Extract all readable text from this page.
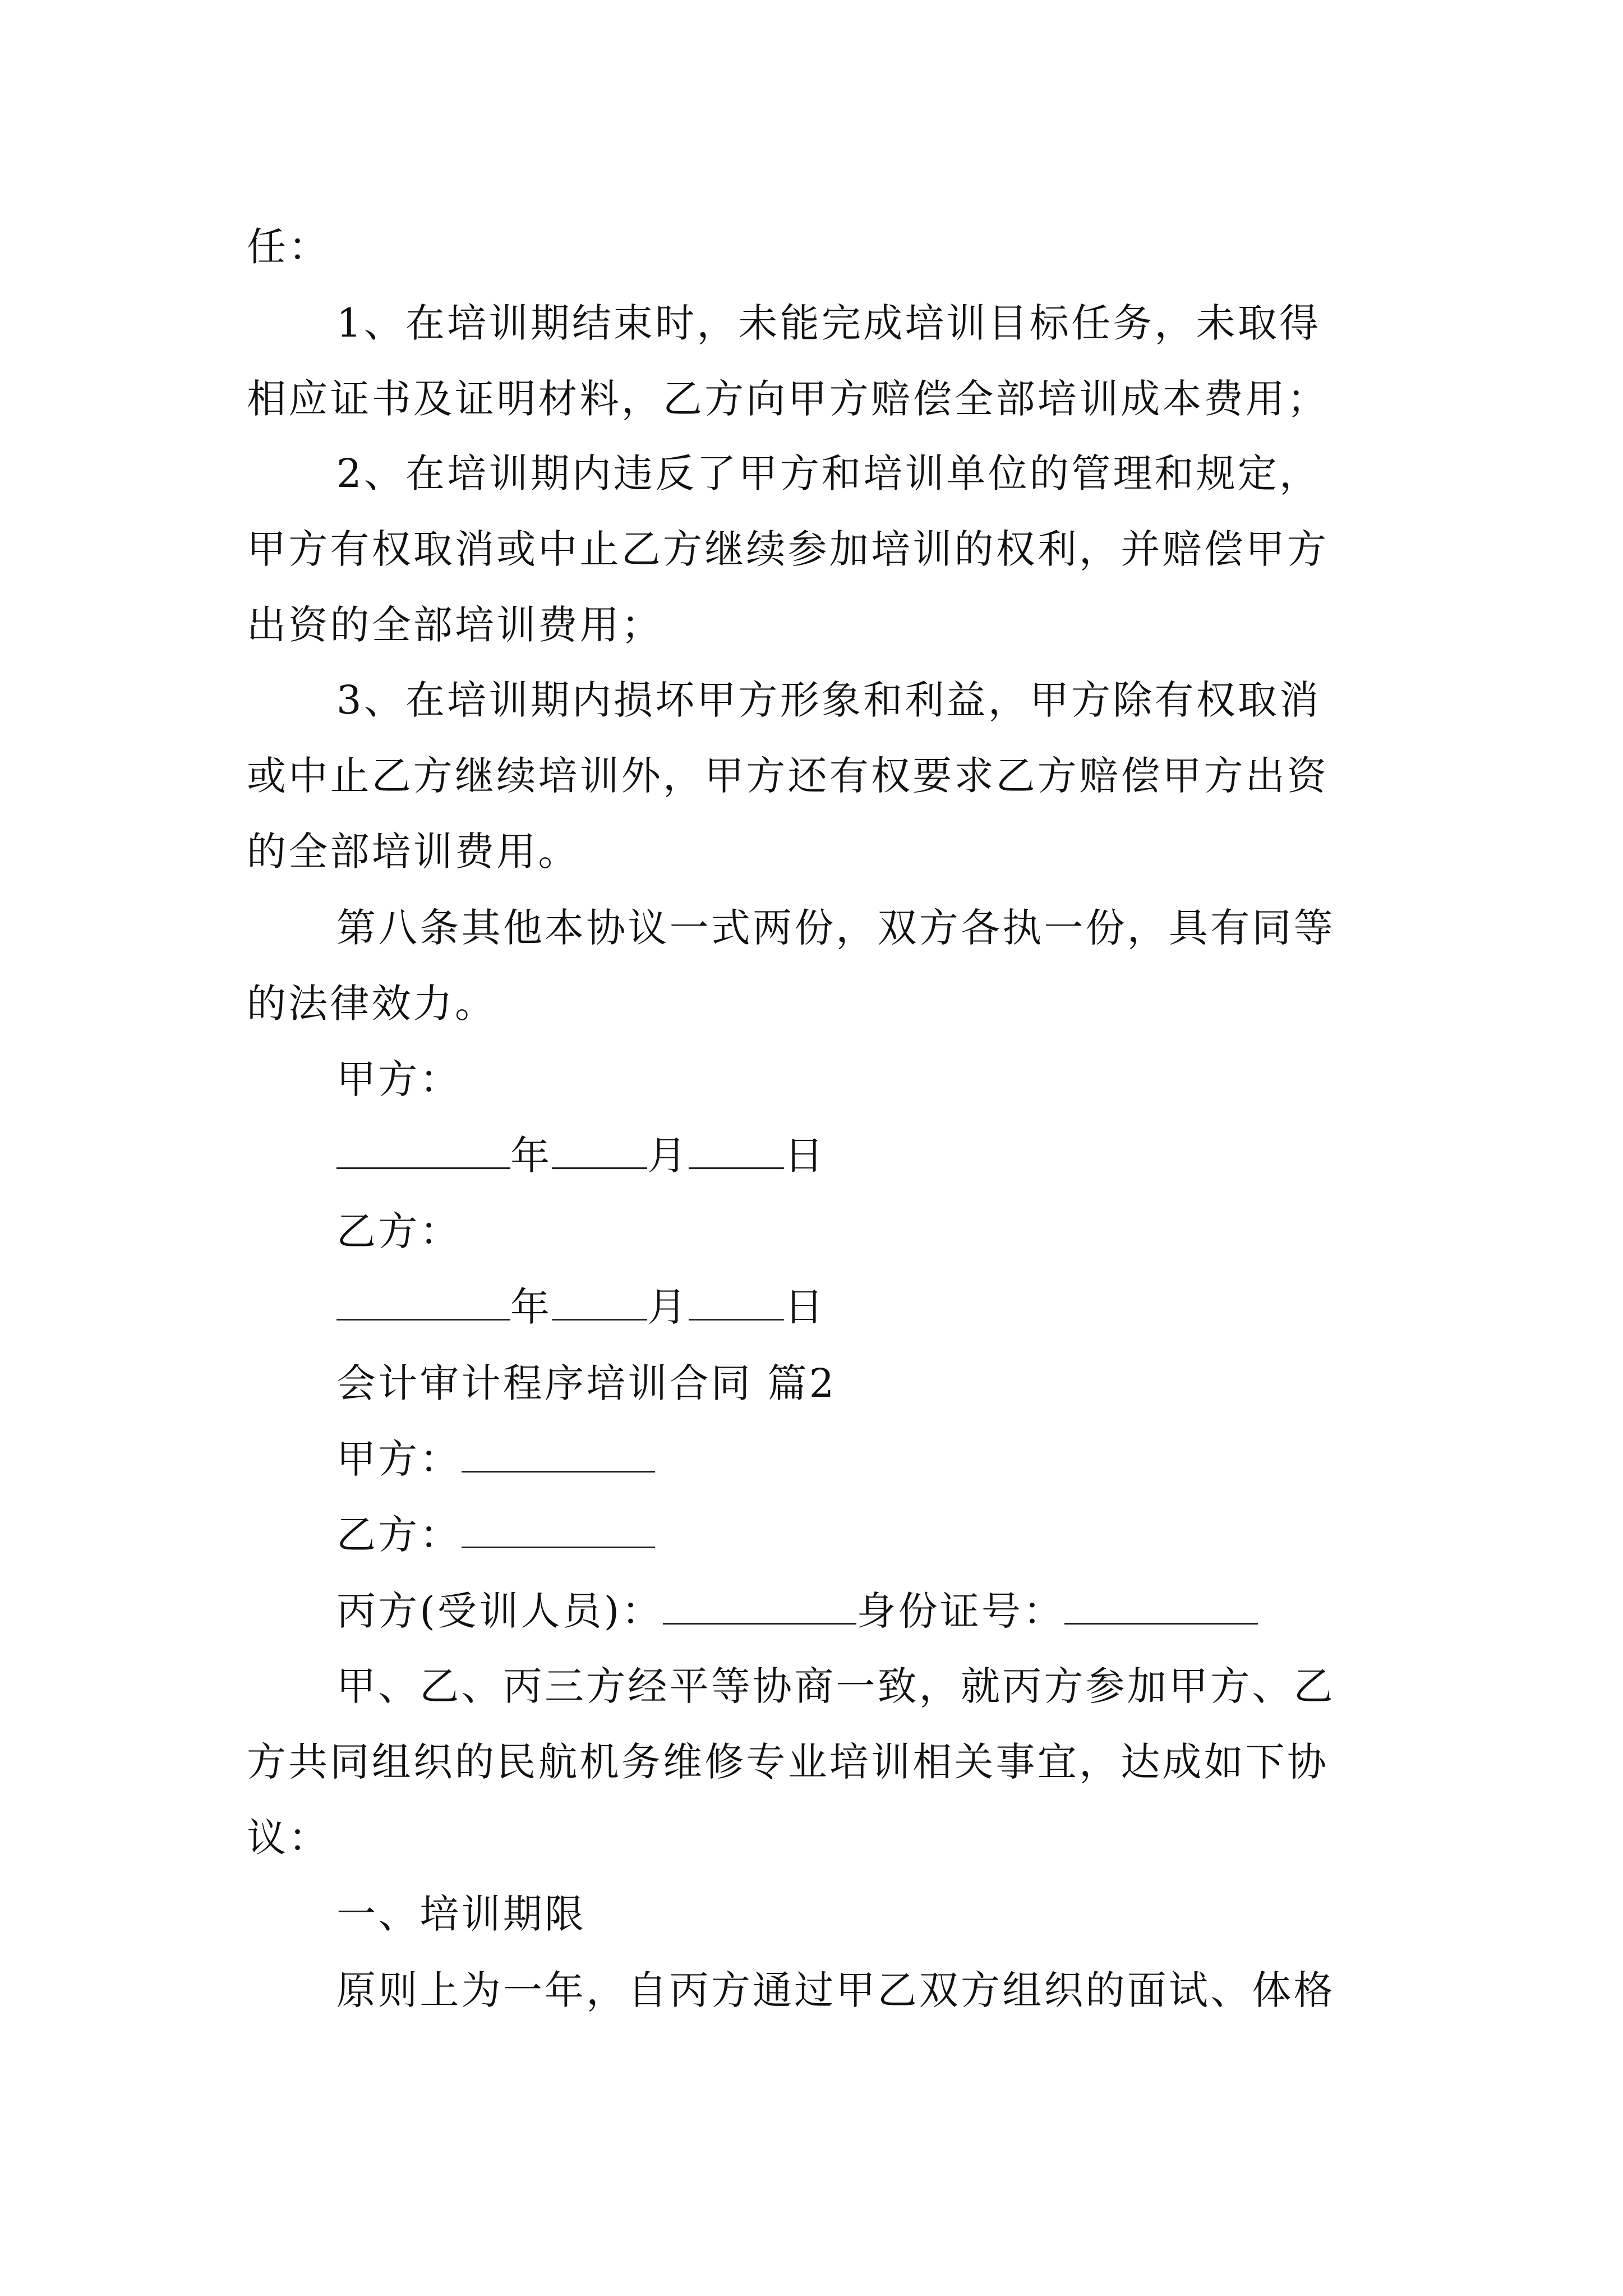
任：
1、在培训期结束时，未能完成培训目标任务，未取得
相应证书及证明材料，乙方向甲方赔偿全部培训成本费用；
2、在培训期内违反了甲方和培训单位的管理和规定，
甲方有权取消或中止乙方继续参加培训的权利，并赔偿甲方
出资的全部培训费用；
3、在培训期内损坏甲方形象和利益，甲方除有权取消
或中止乙方继续培训外，甲方还有权要求乙方赔偿甲方出资
的全部培训费用。
第八条其他本协议一式两份，双方各执一份，具有同等
的法律效力。
甲方：
年 月 日
乙方：
年 月 日
会计审计程序培训合同 篇2
甲方：
乙方：
丙方(受训人员)：	身份证号：
甲、乙、丙三方经平等协商一致，就丙方参加甲方、乙
方共同组织的民航机务维修专业培训相关事宜，达成如下协
议：
一、培训期限
原则上为一年，自丙方通过甲乙双方组织的面试、体格
